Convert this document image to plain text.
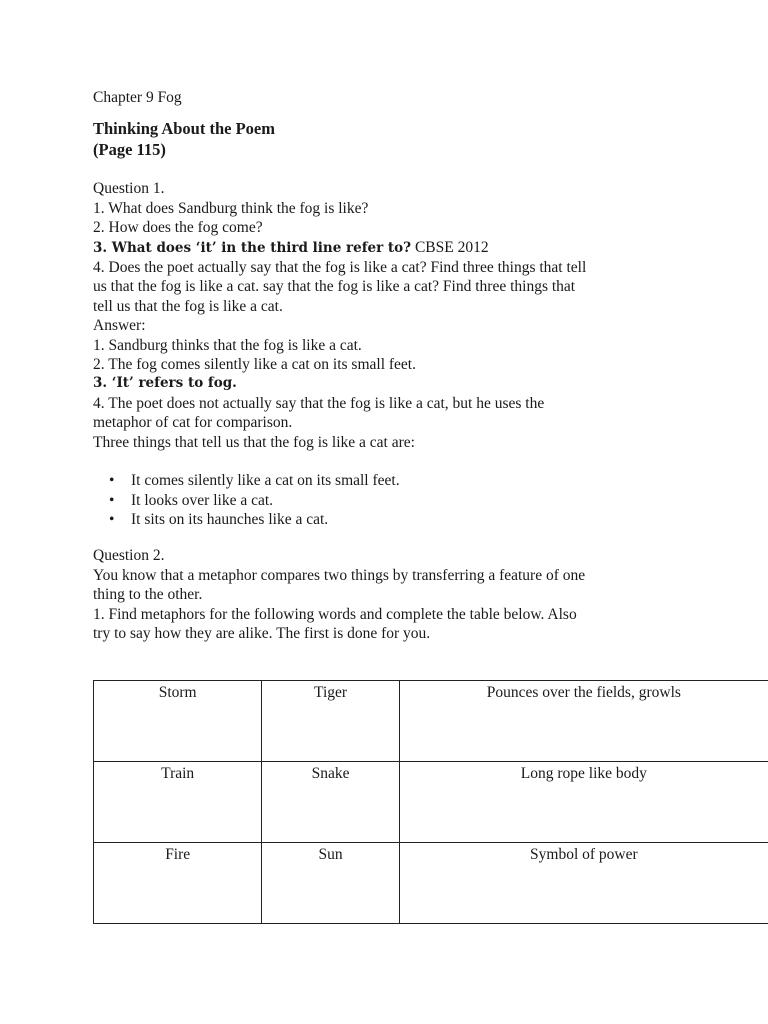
Chapter 9 Fog
Thinking About the Poem
(Page 115)
Question 1.
1. What does Sandburg think the fog is like?
2. How does the fog come?
3. What does ‘it’ in the third line refer to? CBSE 2012
4. Does the poet actually say that the fog is like a cat? Find three things that tell
us that the fog is like a cat. say that the fog is like a cat? Find three things that
tell us that the fog is like a cat.
Answer:
1. Sandburg thinks that the fog is like a cat.
2. The fog comes silently like a cat on its small feet.
3. ‘It’ refers to fog.
4. The poet does not actually say that the fog is like a cat, but he uses the
metaphor of cat for comparison.
Three things that tell us that the fog is like a cat are:
• It comes silently like a cat on its small feet.
• It looks over like a cat.
• It sits on its haunches like a cat.
Question 2.
You know that a metaphor compares two things by transferring a feature of one
thing to the other.
1. Find metaphors for the following words and complete the table below. Also
try to say how they are alike. The first is done for you.
Storm	Tiger	Pounces over the fields, growls
Train	Snake	Long rope like body
Fire	Sun	Symbol of power
